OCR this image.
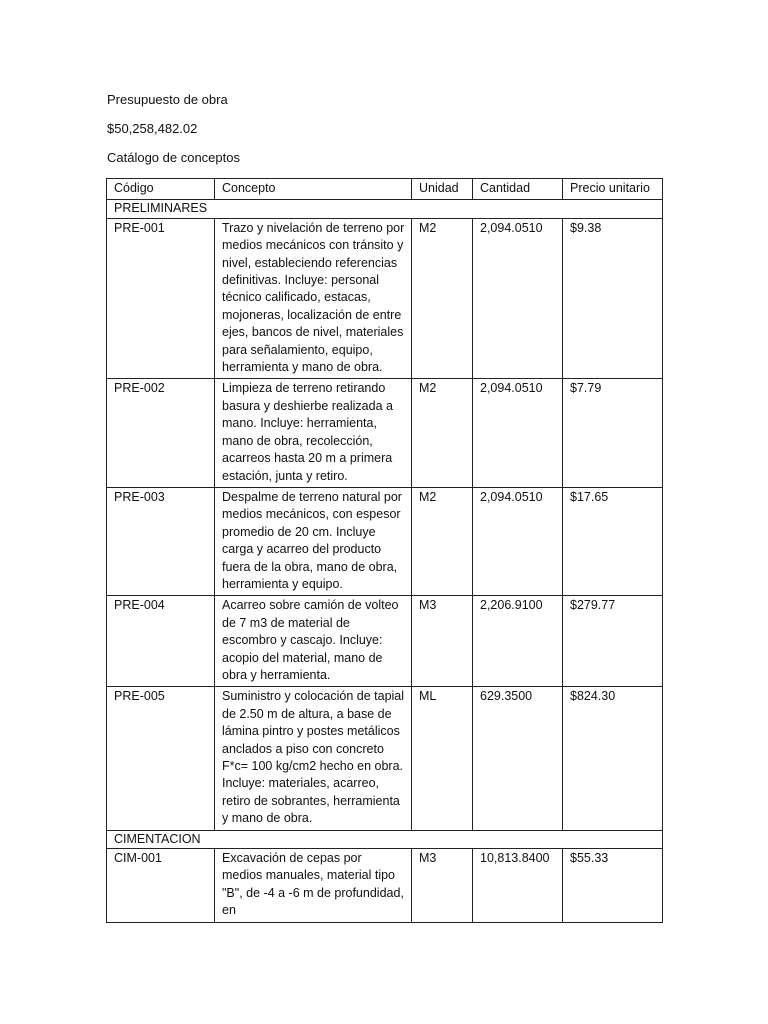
Presupuesto de obra
$50,258,482.02
Catálogo de conceptos
Código	Concepto	Unidad	Cantidad	Precio unitario
PRELIMINARES				
PRE-001	Trazo y nivelación de terreno por medios mecánicos con tránsito y nivel, estableciendo referencias definitivas. Incluye: personal técnico calificado, estacas, mojoneras, localización de entre ejes, bancos de nivel, materiales para señalamiento, equipo, herramienta y mano de obra.	M2	2,094.0510	$9.38
PRE-002	Limpieza de terreno retirando basura y deshierbe realizada a mano. Incluye: herramienta, mano de obra, recolección, acarreos hasta 20 m a primera estación, junta y retiro.	M2	2,094.0510	$7.79
PRE-003	Despalme de terreno natural por medios mecánicos, con espesor promedio de 20 cm. Incluye carga y acarreo del producto fuera de la obra, mano de obra, herramienta y equipo.	M2	2,094.0510	$17.65
PRE-004	Acarreo sobre camión de volteo de 7 m3 de material de escombro y cascajo. Incluye: acopio del material, mano de obra y herramienta.	M3	2,206.9100	$279.77
PRE-005	Suministro y colocación de tapial de 2.50 m de altura, a base de lámina pintro y postes metálicos anclados a piso con concreto F*c= 100 kg/cm2 hecho en obra. Incluye: materiales, acarreo, retiro de sobrantes, herramienta y mano de obra.	ML	629.3500	$824.30
CIMENTACION				
CIM-001	Excavación de cepas por medios manuales, material tipo "B", de -4 a -6 m de profundidad, en	M3	10,813.8400	$55.33
